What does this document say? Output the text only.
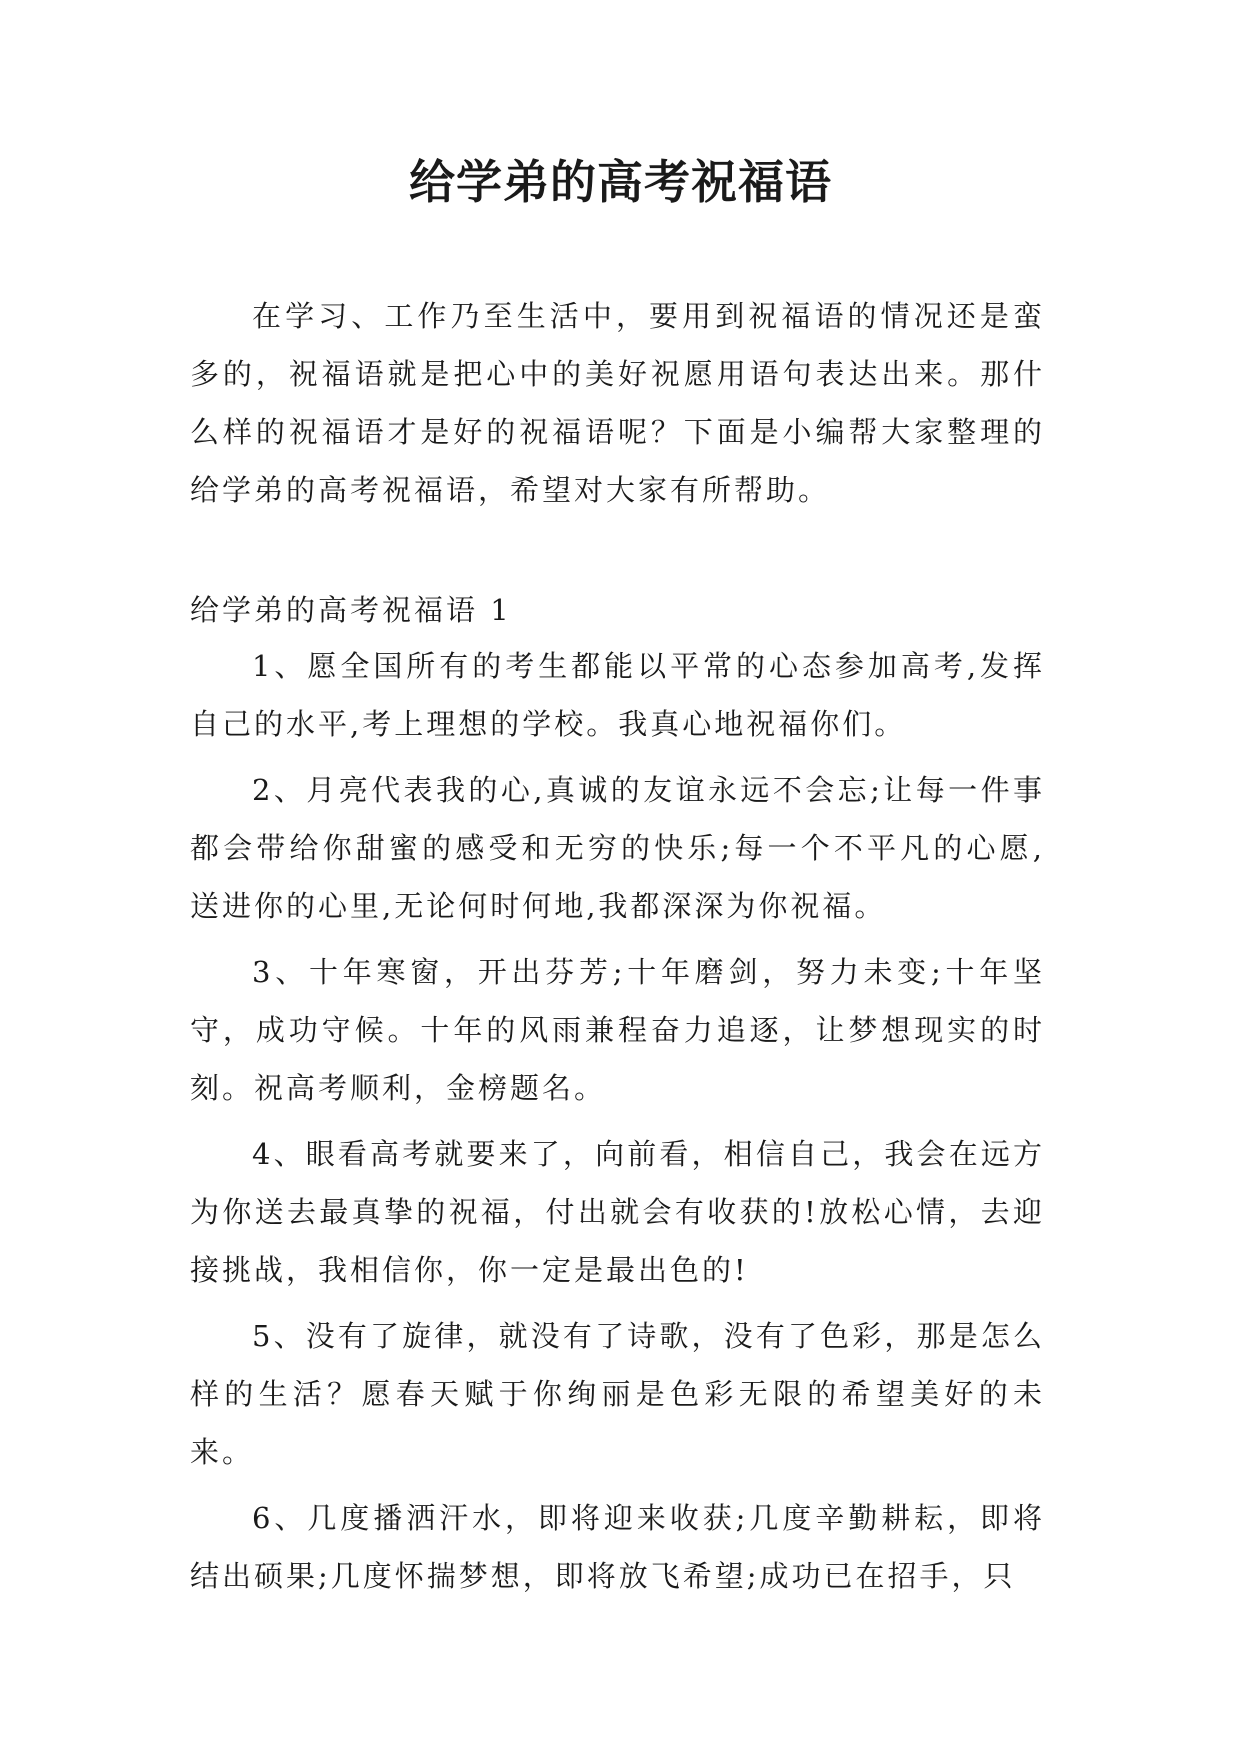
给学弟的高考祝福语

在学习、工作乃至生活中，要用到祝福语的情况还是蛮多的，祝福语就是把心中的美好祝愿用语句表达出来。那什么样的祝福语才是好的祝福语呢？下面是小编帮大家整理的给学弟的高考祝福语，希望对大家有所帮助。

给学弟的高考祝福语 1

1、愿全国所有的考生都能以平常的心态参加高考,发挥自己的水平,考上理想的学校。我真心地祝福你们。

2、月亮代表我的心,真诚的友谊永远不会忘;让每一件事都会带给你甜蜜的感受和无穷的快乐;每一个不平凡的心愿,送进你的心里,无论何时何地,我都深深为你祝福。

3、十年寒窗，开出芬芳;十年磨剑，努力未变;十年坚守，成功守候。十年的风雨兼程奋力追逐，让梦想现实的时刻。祝高考顺利，金榜题名。

4、眼看高考就要来了，向前看，相信自己，我会在远方为你送去最真挚的祝福，付出就会有收获的!放松心情，去迎接挑战，我相信你，你一定是最出色的!

5、没有了旋律，就没有了诗歌，没有了色彩，那是怎么样的生活？愿春天赋于你绚丽是色彩无限的希望美好的未来。

6、几度播洒汗水，即将迎来收获;几度辛勤耕耘，即将结出硕果;几度怀揣梦想，即将放飞希望;成功已在招手，只
